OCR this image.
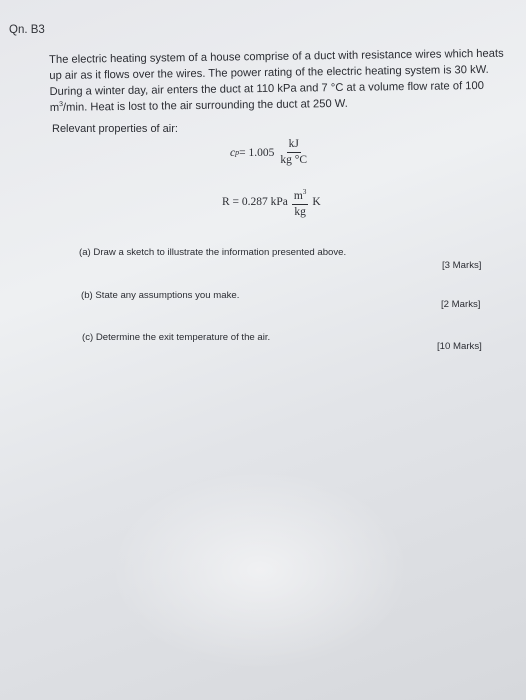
Qn. B3

The electric heating system of a house comprise of a duct with resistance wires which heats
up air as it flows over the wires. The power rating of the electric heating system is 30 kW.
During a winter day, air enters the duct at 110 kPa and 7 °C at a volume flow rate of 100
$m^3/\min$. Heat is lost to the air surrounding the duct at 250 W.

Relevant properties of air:
c $p = 1.005 \frac{kJ}{kg ^\circ C}$
R = 0.287 kPa $\frac{m^3}{kg}$ K
(a) Draw a sketch to illustrate the information presented above.
[3 Marks]
(b) State any assumptions you make.
[2 Marks]
(c) Determine the exit temperature of the air.
[10 Marks]
